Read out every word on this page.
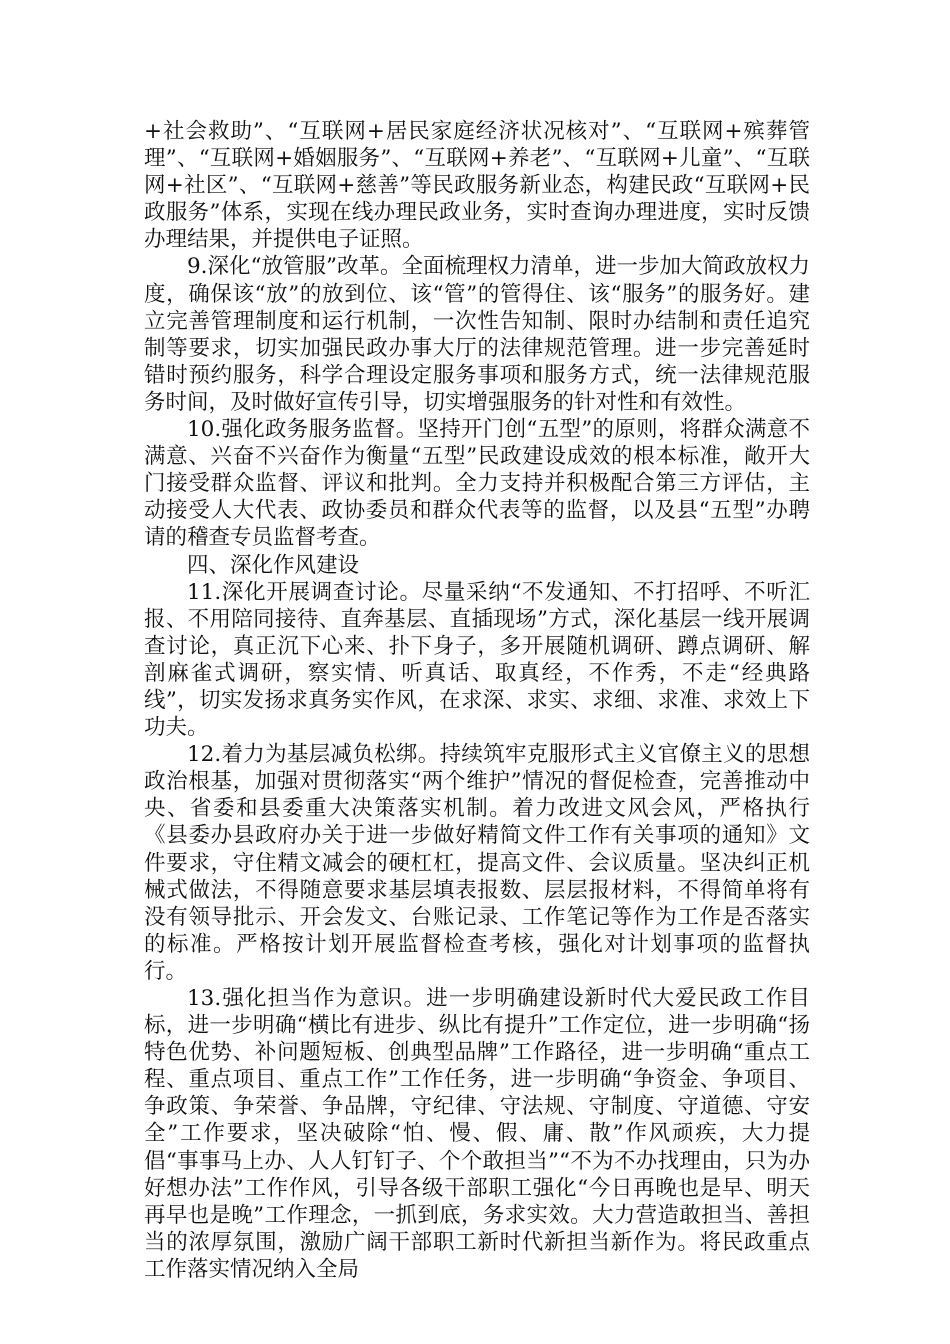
+社会救助”、“互联网+居民家庭经济状况核对”、“互联网+殡葬管理”、“互联网+婚姻服务”、“互联网+养老”、“互联网+儿童”、“互联网+社区”、“互联网+慈善”等民政服务新业态，构建民政“互联网+民政服务”体系，实现在线办理民政业务，实时查询办理进度，实时反馈办理结果，并提供电子证照。

9.深化“放管服”改革。全面梳理权力清单，进一步加大简政放权力度，确保该“放”的放到位、该“管”的管得住、该“服务”的服务好。建立完善管理制度和运行机制，一次性告知制、限时办结制和责任追究制等要求，切实加强民政办事大厅的法律规范管理。进一步完善延时错时预约服务，科学合理设定服务事项和服务方式，统一法律规范服务时间，及时做好宣传引导，切实增强服务的针对性和有效性。

10.强化政务服务监督。坚持开门创“五型”的原则，将群众满意不满意、兴奋不兴奋作为衡量“五型”民政建设成效的根本标准，敞开大门接受群众监督、评议和批判。全力支持并积极配合第三方评估，主动接受人大代表、政协委员和群众代表等的监督，以及县“五型”办聘请的稽查专员监督考查。

四、深化作风建设

11.深化开展调查讨论。尽量采纳“不发通知、不打招呼、不听汇报、不用陪同接待、直奔基层、直插现场”方式，深化基层一线开展调查讨论，真正沉下心来、扑下身子，多开展随机调研、蹲点调研、解剖麻雀式调研，察实情、听真话、取真经，不作秀，不走“经典路线”，切实发扬求真务实作风，在求深、求实、求细、求准、求效上下功夫。

12.着力为基层减负松绑。持续筑牢克服形式主义官僚主义的思想政治根基，加强对贯彻落实“两个维护”情况的督促检查，完善推动中央、省委和县委重大决策落实机制。着力改进文风会风，严格执行《县委办县政府办关于进一步做好精简文件工作有关事项的通知》文件要求，守住精文减会的硬杠杠，提高文件、会议质量。坚决纠正机械式做法，不得随意要求基层填表报数、层层报材料，不得简单将有没有领导批示、开会发文、台账记录、工作笔记等作为工作是否落实的标准。严格按计划开展监督检查考核，强化对计划事项的监督执行。

13.强化担当作为意识。进一步明确建设新时代大爱民政工作目标，进一步明确“横比有进步、纵比有提升”工作定位，进一步明确“扬特色优势、补问题短板、创典型品牌”工作路径，进一步明确“重点工程、重点项目、重点工作”工作任务，进一步明确“争资金、争项目、争政策、争荣誉、争品牌，守纪律、守法规、守制度、守道德、守安全”工作要求，坚决破除“怕、慢、假、庸、散”作风顽疾，大力提倡“事事马上办、人人钉钉子、个个敢担当”“不为不办找理由，只为办好想办法”工作作风，引导各级干部职工强化“今日再晚也是早、明天再早也是晚”工作理念，一抓到底，务求实效。大力营造敢担当、善担当的浓厚氛围，激励广阔干部职工新时代新担当新作为。将民政重点工作落实情况纳入全局
